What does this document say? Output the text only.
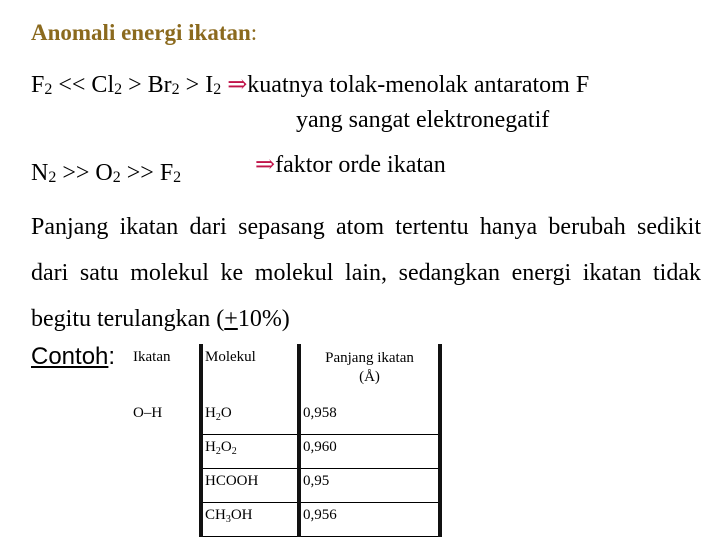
Anomali energi ikatan:
F2 << Cl2 > Br2 > I2 ⇒kuatnya tolak-menolak antaratom F
yang sangat elektronegatif
N2 >> O2 >> F2	⇒faktor orde ikatan
Panjang ikatan dari sepasang atom tertentu hanya berubah sedikit dari satu molekul ke molekul lain, sedangkan energi ikatan tidak begitu terulangkan (+10%)
Contoh: Ikatan	Molekul	Panjang ikatan
(Å)
O–H	$H_2O$	0,958
	$H_2O_2$	0,960
	HCOOH	0,95
	$CH_3OH$	0,956
